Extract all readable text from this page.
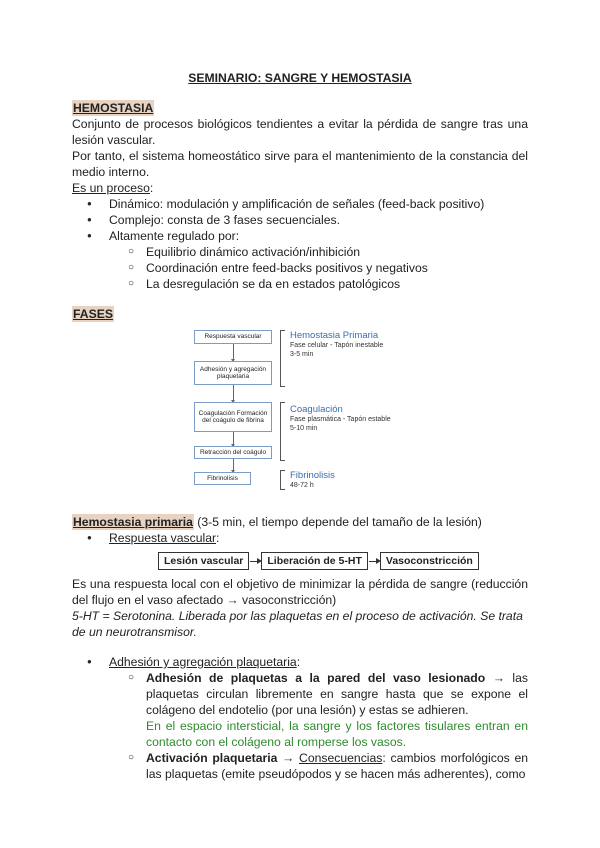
SEMINARIO: SANGRE Y HEMOSTASIA

HEMOSTASIA

Conjunto de procesos biológicos tendientes a evitar la pérdida de sangre tras una lesión vascular.

Por tanto, el sistema homeostático sirve para el mantenimiento de la constancia del medio interno.

Es un proceso:

● Dinámico: modulación y amplificación de señales (feed-back positivo)
● Complejo: consta de 3 fases secuenciales.
● Altamente regulado por:
○ Equilibrio dinámico activación/inhibición
○ Coordinación entre feed-backs positivos y negativos
○ La desregulación se da en estados patológicos
FASES
Respuesta vascular
Adhesión y agregación plaquetaria
Coagulación Formación del coágulo de fibrina
Retracción del coágulo
Fibrinolisis
Hemostasia Primaria
Fase celular - Tapón inestable
3-5 min
Coagulación
Fase plasmática - Tapón estable
5-10 min
Fibrinolisis
48-72 h

Hemostasia primaria (3-5 min, el tiempo depende del tamaño de la lesión)

● Respuesta vascular:
Lesión vascular	Liberación de 5-HT	Vasoconstricción

Es una respuesta local con el objetivo de minimizar la pérdida de sangre (reducción del flujo en el vaso afectado → vasoconstricción)

5-HT = Serotonina. Liberada por las plaquetas en el proceso de activación. Se trata de un neurotransmisor.

● Adhesión y agregación plaquetaria:
○ Adhesión de plaquetas a la pared del vaso lesionado → las plaquetas circulan libremente en sangre hasta que se expone el colágeno del endotelio (por una lesión) y estas se adhieren.
En el espacio intersticial, la sangre y los factores tisulares entran en contacto con el colágeno al romperse los vasos.
○ Activación plaquetaria → Consecuencias: cambios morfológicos en las plaquetas (emite pseudópodos y se hacen más adherentes), como
